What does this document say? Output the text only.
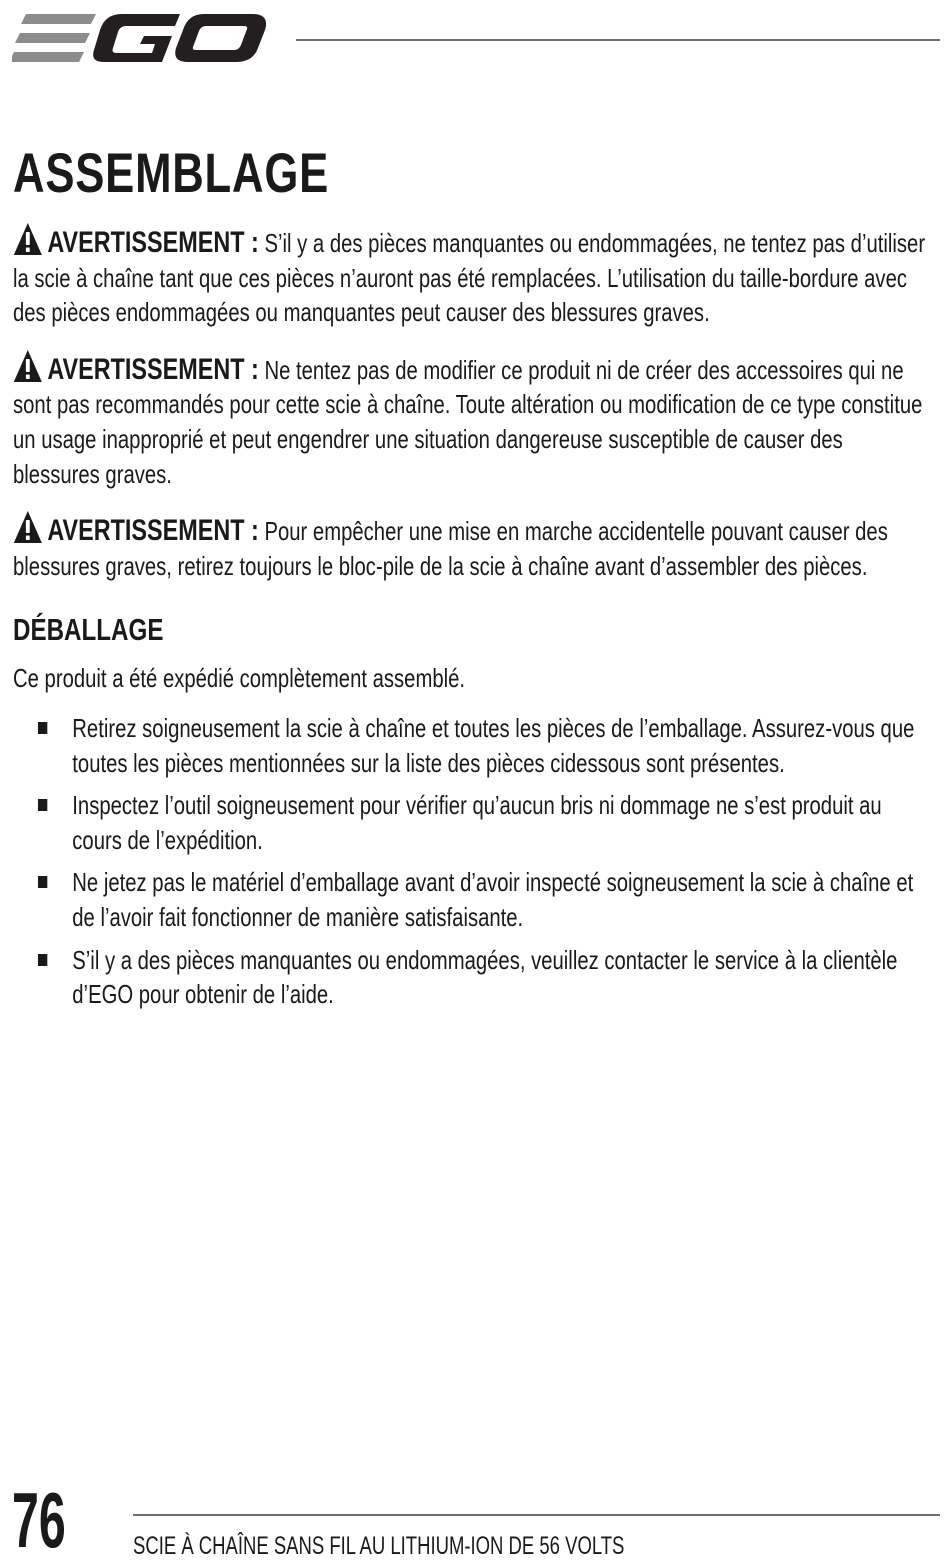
ASSEMBLAGE

AVERTISSEMENT : S’il y a des pièces manquantes ou endommagées, ne tentez pas d’utiliser la scie à chaîne tant que ces pièces n’auront pas été remplacées. L’utilisation du taille-bordure avec des pièces endommagées ou manquantes peut causer des blessures graves.

AVERTISSEMENT : Ne tentez pas de modifier ce produit ni de créer des accessoires qui ne sont pas recommandés pour cette scie à chaîne. Toute altération ou modification de ce type constitue un usage inapproprié et peut engendrer une situation dangereuse susceptible de causer des blessures graves.

AVERTISSEMENT : Pour empêcher une mise en marche accidentelle pouvant causer des blessures graves, retirez toujours le bloc-pile de la scie à chaîne avant d’assembler des pièces.

DÉBALLAGE

Ce produit a été expédié complètement assemblé.

Retirez soigneusement la scie à chaîne et toutes les pièces de l’emballage. Assurez-vous que toutes les pièces mentionnées sur la liste des pièces cidessous sont présentes.
Inspectez l’outil soigneusement pour vérifier qu’aucun bris ni dommage ne s’est produit au cours de l’expédition.
Ne jetez pas le matériel d’emballage avant d’avoir inspecté soigneusement la scie à chaîne et de l’avoir fait fonctionner de manière satisfaisante.
S’il y a des pièces manquantes ou endommagées, veuillez contacter le service à la clientèle d’EGO pour obtenir de l’aide.

76	SCIE À CHAÎNE SANS FIL AU LITHIUM-ION DE 56 VOLTS
